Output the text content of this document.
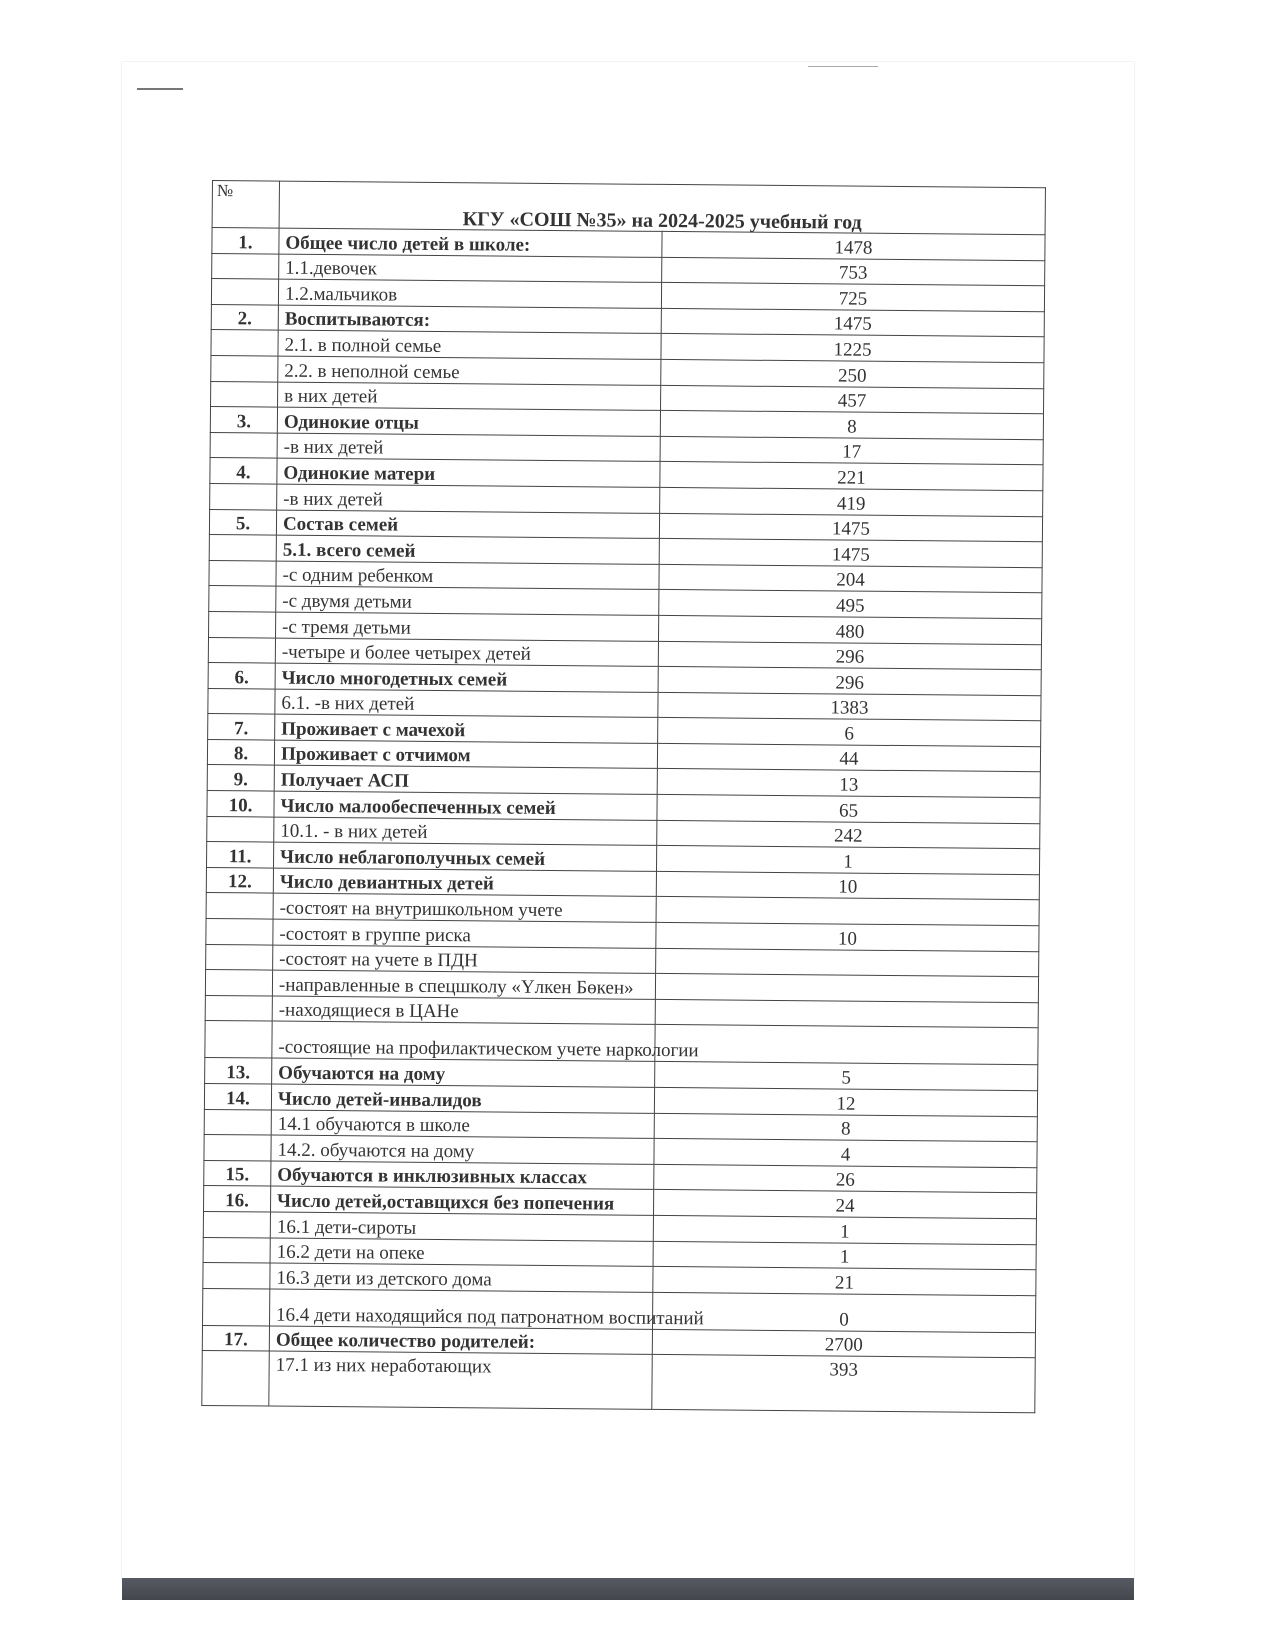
№	КГУ «СОШ №35» на 2024-2025 учебный год	
1.	Общее число детей в школе:	1478
	1.1.девочек	753
	1.2.мальчиков	725
2.	Воспитываются:	1475
	2.1. в полной семье	1225
	2.2. в неполной семье	250
	в них детей	457
3.	Одинокие отцы	8
	-в них детей	17
4.	Одинокие матери	221
	-в них детей	419
5.	Состав семей	1475
	5.1. всего семей	1475
	-с одним ребенком	204
	-с двумя детьми	495
	-с тремя детьми	480
	-четыре и более четырех детей	296
6.	Число многодетных семей	296
	6.1. -в них детей	1383
7.	Проживает с мачехой	6
8.	Проживает с отчимом	44
9.	Получает АСП	13
10.	Число малообеспеченных семей	65
	10.1. - в них детей	242
11.	Число неблагополучных семей	1
12.	Число девиантных детей	10
	-состоят на внутришкольном учете	
	-состоят в группе риска	10
	-состоят на учете в ПДН	
	-направленные в спецшколу «Үлкен Бөкен»	
	-находящиеся в ЦАНе	
	-состоящие на профилактическом учете наркологии	
13.	Обучаются на дому	5
14.	Число детей-инвалидов	12
	14.1 обучаются в школе	8
	14.2. обучаются на дому	4
15.	Обучаются в инклюзивных классах	26
16.	Число детей,оставщихся без попечения	24
	16.1 дети-сироты	1
	16.2 дети на опеке	1
	16.3 дети из детского дома	21
	16.4 дети находящийся под патронатном воспитаний	0
17.	Общее количество родителей:	2700
	17.1 из них неработающих	393
